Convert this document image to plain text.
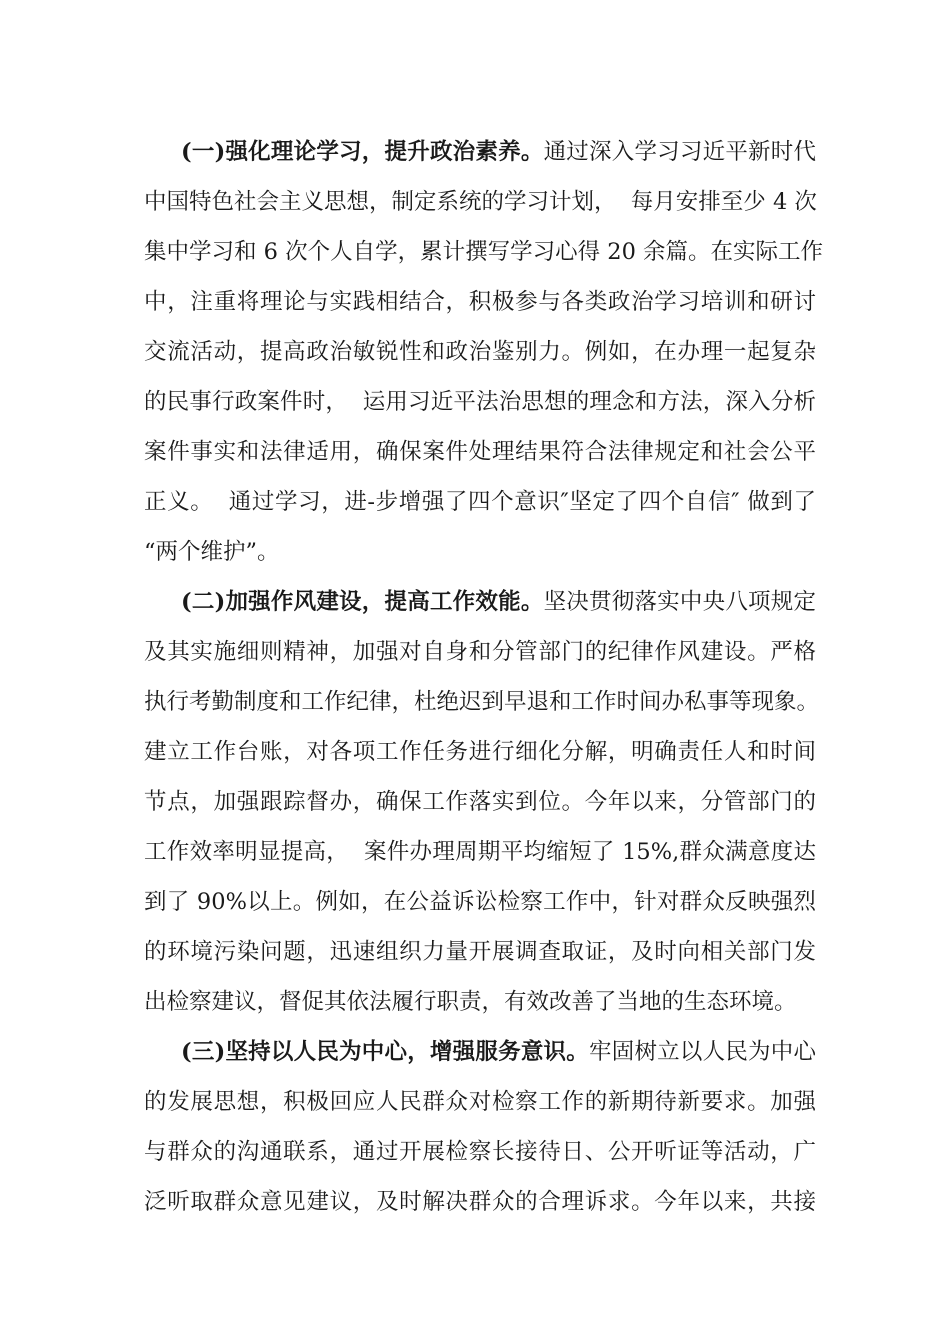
(一)强化理论学习，提升政治素养。通过深入学习习近平新时代
中国特色社会主义思想，制定系统的学习计划，  每月安排至少 4 次
集中学习和 6 次个人自学，累计撰写学习心得 20 余篇。在实际工作
中，注重将理论与实践相结合，积极参与各类政治学习培训和研讨
交流活动，提高政治敏锐性和政治鉴别力。例如，在办理一起复杂
的民事行政案件时，  运用习近平法治思想的理念和方法，深入分析
案件事实和法律适用，确保案件处理结果符合法律规定和社会公平
正义。  通过学习，进-步增强了四个意识″坚定了四个自信″ 做到了
“两个维护”。
(二)加强作风建设，提高工作效能。坚决贯彻落实中央八项规定
及其实施细则精神，加强对自身和分管部门的纪律作风建设。严格
执行考勤制度和工作纪律，杜绝迟到早退和工作时间办私事等现象。
建立工作台账，对各项工作任务进行细化分解，明确责任人和时间
节点，加强跟踪督办，确保工作落实到位。今年以来，分管部门的
工作效率明显提高，  案件办理周期平均缩短了 15%,群众满意度达
到了 90%以上。例如，在公益诉讼检察工作中，针对群众反映强烈
的环境污染问题，迅速组织力量开展调查取证，及时向相关部门发
出检察建议，督促其依法履行职责，有效改善了当地的生态环境。
(三)坚持以人民为中心，增强服务意识。牢固树立以人民为中心
的发展思想，积极回应人民群众对检察工作的新期待新要求。加强
与群众的沟通联系，通过开展检察长接待日、公开听证等活动，广
泛听取群众意见建议，及时解决群众的合理诉求。今年以来，共接
